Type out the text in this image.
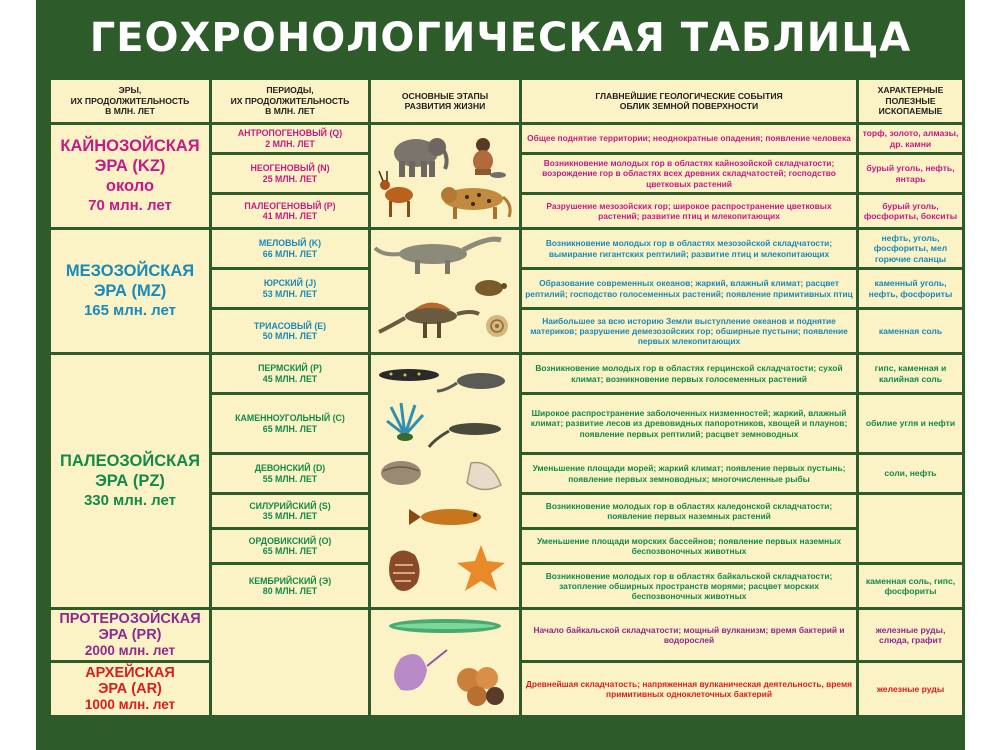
ГЕОХРОНОЛОГИЧЕСКАЯ ТАБЛИЦА
ЭРЫ,
ИХ ПРОДОЛЖИТЕЛЬНОСТЬ
В МЛН. ЛЕТ
ПЕРИОДЫ,
ИХ ПРОДОЛЖИТЕЛЬНОСТЬ
В МЛН. ЛЕТ
ОСНОВНЫЕ ЭТАПЫ
РАЗВИТИЯ ЖИЗНИ
ГЛАВНЕЙШИЕ ГЕОЛОГИЧЕСКИЕ СОБЫТИЯ
ОБЛИК ЗЕМНОЙ ПОВЕРХНОСТИ
ХАРАКТЕРНЫЕ
ПОЛЕЗНЫЕ
ИСКОПАЕМЫЕ
КАЙНОЗОЙСКАЯ
ЭРА (KZ)
около
70 млн. лет
МЕЗОЗОЙСКАЯ
ЭРА (MZ)
165 млн. лет
ПАЛЕОЗОЙСКАЯ
ЭРА (PZ)
330 млн. лет
ПРОТЕРОЗОЙСКАЯ
ЭРА (PR)
2000 млн. лет
АРХЕЙСКАЯ
ЭРА (AR)
1000 млн. лет
АНТРОПОГЕНОВЫЙ (Q)
2 МЛН. ЛЕТ
НЕОГЕНОВЫЙ (N)
25 МЛН. ЛЕТ
ПАЛЕОГЕНОВЫЙ (P)
41 МЛН. ЛЕТ
МЕЛОВЫЙ (K)
66 МЛН. ЛЕТ
ЮРСКИЙ (J)
53 МЛН. ЛЕТ
ТРИАСОВЫЙ (Е)
50 МЛН. ЛЕТ
ПЕРМСКИЙ (P)
45 МЛН. ЛЕТ
КАМЕННОУГОЛЬНЫЙ (C)
65 МЛН. ЛЕТ
ДЕВОНСКИЙ (D)
55 МЛН. ЛЕТ
СИЛУРИЙСКИЙ (S)
35 МЛН. ЛЕТ
ОРДОВИКСКИЙ (O)
65 МЛН. ЛЕТ
КЕМБРИЙСКИЙ (Э)
80 МЛН. ЛЕТ
Общее поднятие территории; неоднократные опадения; появление человека
Возникновение молодых гор в областях кайнозойской складчатости; возрождение гор в областях всех древних складчатостей; господство цветковых растений
Разрушение мезозойских гор; широкое распространение цветковых растений; развитие птиц и млекопитающих
Возникновение молодых гор в областях мезозойской складчатости; вымирание гигантских рептилий; развитие птиц и млекопитающих
Образование современных океанов; жаркий, влажный климат; расцвет рептилий; господство голосеменных растений; появление примитивных птиц
Наибольшее за всю историю Земли выступление океанов и поднятие материков; разрушение демезозойских гор; обширные пустыни; появление первых млекопитающих
Возникновение молодых гор в областях герцинской складчатости; сухой климат; возникновение первых голосеменных растений
Широкое распространение заболоченных низменностей; жаркий, влажный климат; развитие лесов из древовидных папоротников, хвощей и плаунов; появление первых рептилий; расцвет земноводных
Уменьшение площади морей; жаркий климат; появление первых пустынь; появление первых земноводных; многочисленные рыбы
Возникновение молодых гор в областях каледонской складчатости; появление первых наземных растений
Уменьшение площади морских бассейнов; появление первых наземных беспозвоночных животных
Возникновение молодых гор в областях байкальской складчатости; затопление обширных пространств морями; расцвет морских беспозвоночных животных
Начало байкальской складчатости; мощный вулканизм; время бактерий и водорослей
Древнейшая складчатость; напряженная вулканическая деятельность, время примитивных одноклеточных бактерий
торф, золото, алмазы, др. камни
бурый уголь, нефть, янтарь
бурый уголь, фосфориты, бокситы
нефть, уголь, фосфориты, мел горючие сланцы
каменный уголь, нефть, фосфориты
каменная соль
гипс, каменная и калийная соль
обилие угля и нефти
соли, нефть
каменная соль, гипс, фосфориты
железные руды, слюда, графит
железные руды
